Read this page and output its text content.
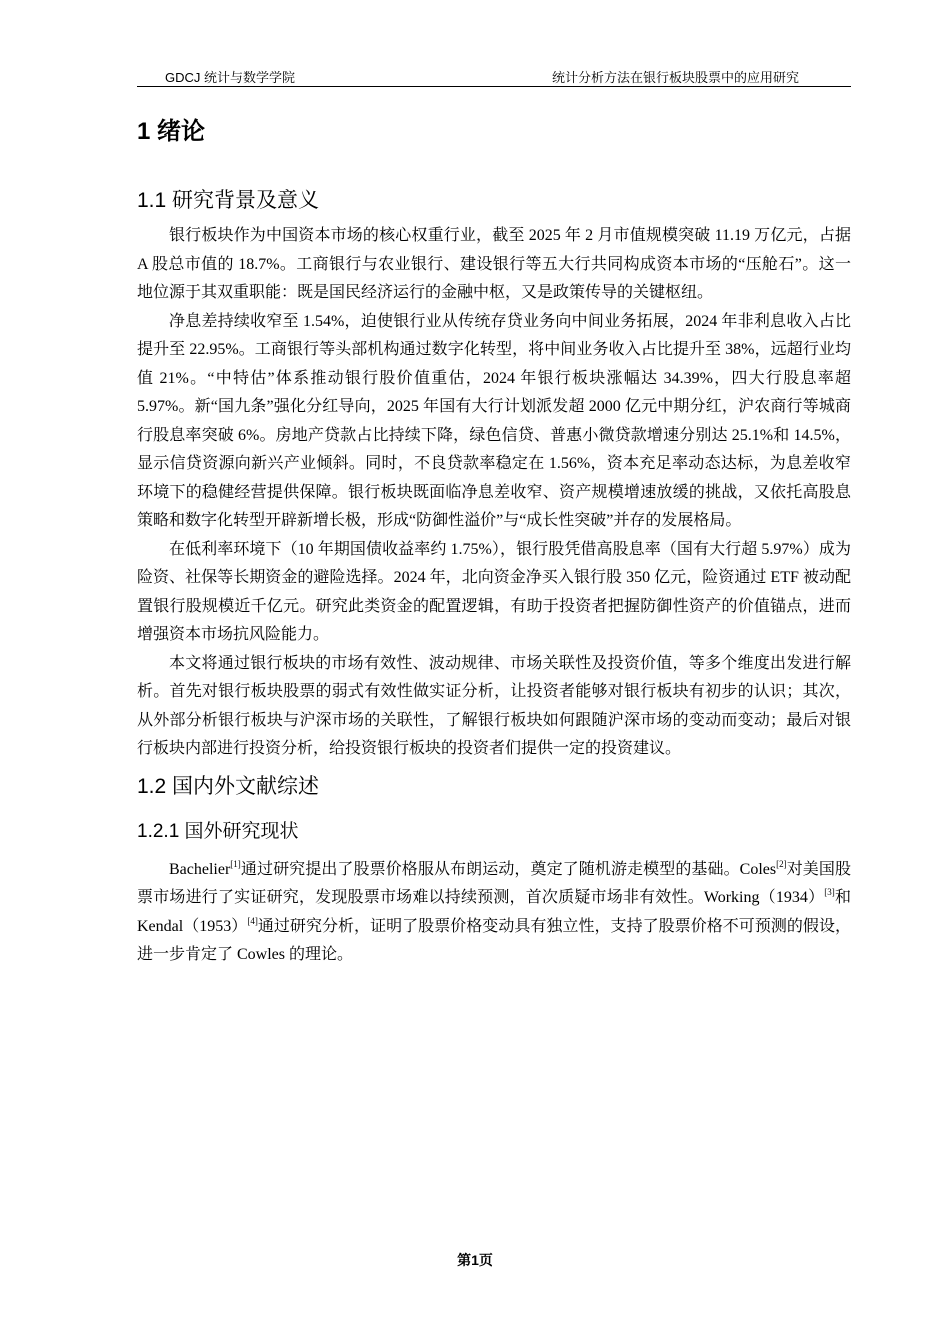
GDCJ 统计与数学学院	统计分析方法在银行板块股票中的应用研究
1 绪论
1.1 研究背景及意义

银行板块作为中国资本市场的核心权重行业，截至 2025 年 2 月市值规模突破 11.19 万亿元，占据 A 股总市值的 18.7%。工商银行与农业银行、建设银行等五大行共同构成资本市场的“压舱石”。这一地位源于其双重职能：既是国民经济运行的金融中枢，又是政策传导的关键枢纽。

净息差持续收窄至 1.54%，迫使银行业从传统存贷业务向中间业务拓展，2024 年非利息收入占比提升至 22.95%。工商银行等头部机构通过数字化转型，将中间业务收入占比提升至 38%，远超行业均值 21%。“中特估”体系推动银行股价值重估，2024 年银行板块涨幅达 34.39%，四大行股息率超 5.97%。新“国九条”强化分红导向，2025 年国有大行计划派发超 2000 亿元中期分红，沪农商行等城商行股息率突破 6%。房地产贷款占比持续下降，绿色信贷、普惠小微贷款增速分别达 25.1%和 14.5%，显示信贷资源向新兴产业倾斜。同时，不良贷款率稳定在 1.56%，资本充足率动态达标，为息差收窄环境下的稳健经营提供保障。银行板块既面临净息差收窄、资产规模增速放缓的挑战，又依托高股息策略和数字化转型开辟新增长极，形成“防御性溢价”与“成长性突破”并存的发展格局。

在低利率环境下（10 年期国债收益率约 1.75%），银行股凭借高股息率（国有大行超 5.97%）成为险资、社保等长期资金的避险选择。2024 年，北向资金净买入银行股 350 亿元，险资通过 ETF 被动配置银行股规模近千亿元。研究此类资金的配置逻辑，有助于投资者把握防御性资产的价值锚点，进而增强资本市场抗风险能力。

本文将通过银行板块的市场有效性、波动规律、市场关联性及投资价值，等多个维度出发进行解析。首先对银行板块股票的弱式有效性做实证分析，让投资者能够对银行板块有初步的认识；其次，从外部分析银行板块与沪深市场的关联性，了解银行板块如何跟随沪深市场的变动而变动；最后对银行板块内部进行投资分析，给投资银行板块的投资者们提供一定的投资建议。

1.2 国内外文献综述
1.2.1 国外研究现状

Bachelier[1]通过研究提出了股票价格服从布朗运动，奠定了随机游走模型的基础。Coles[2]对美国股票市场进行了实证研究，发现股票市场难以持续预测，首次质疑市场非有效性。Working（1934）[3]和 Kendal（1953）[4]通过研究分析，证明了股票价格变动具有独立性，支持了股票价格不可预测的假设，进一步肯定了 Cowles 的理论。

第1页
